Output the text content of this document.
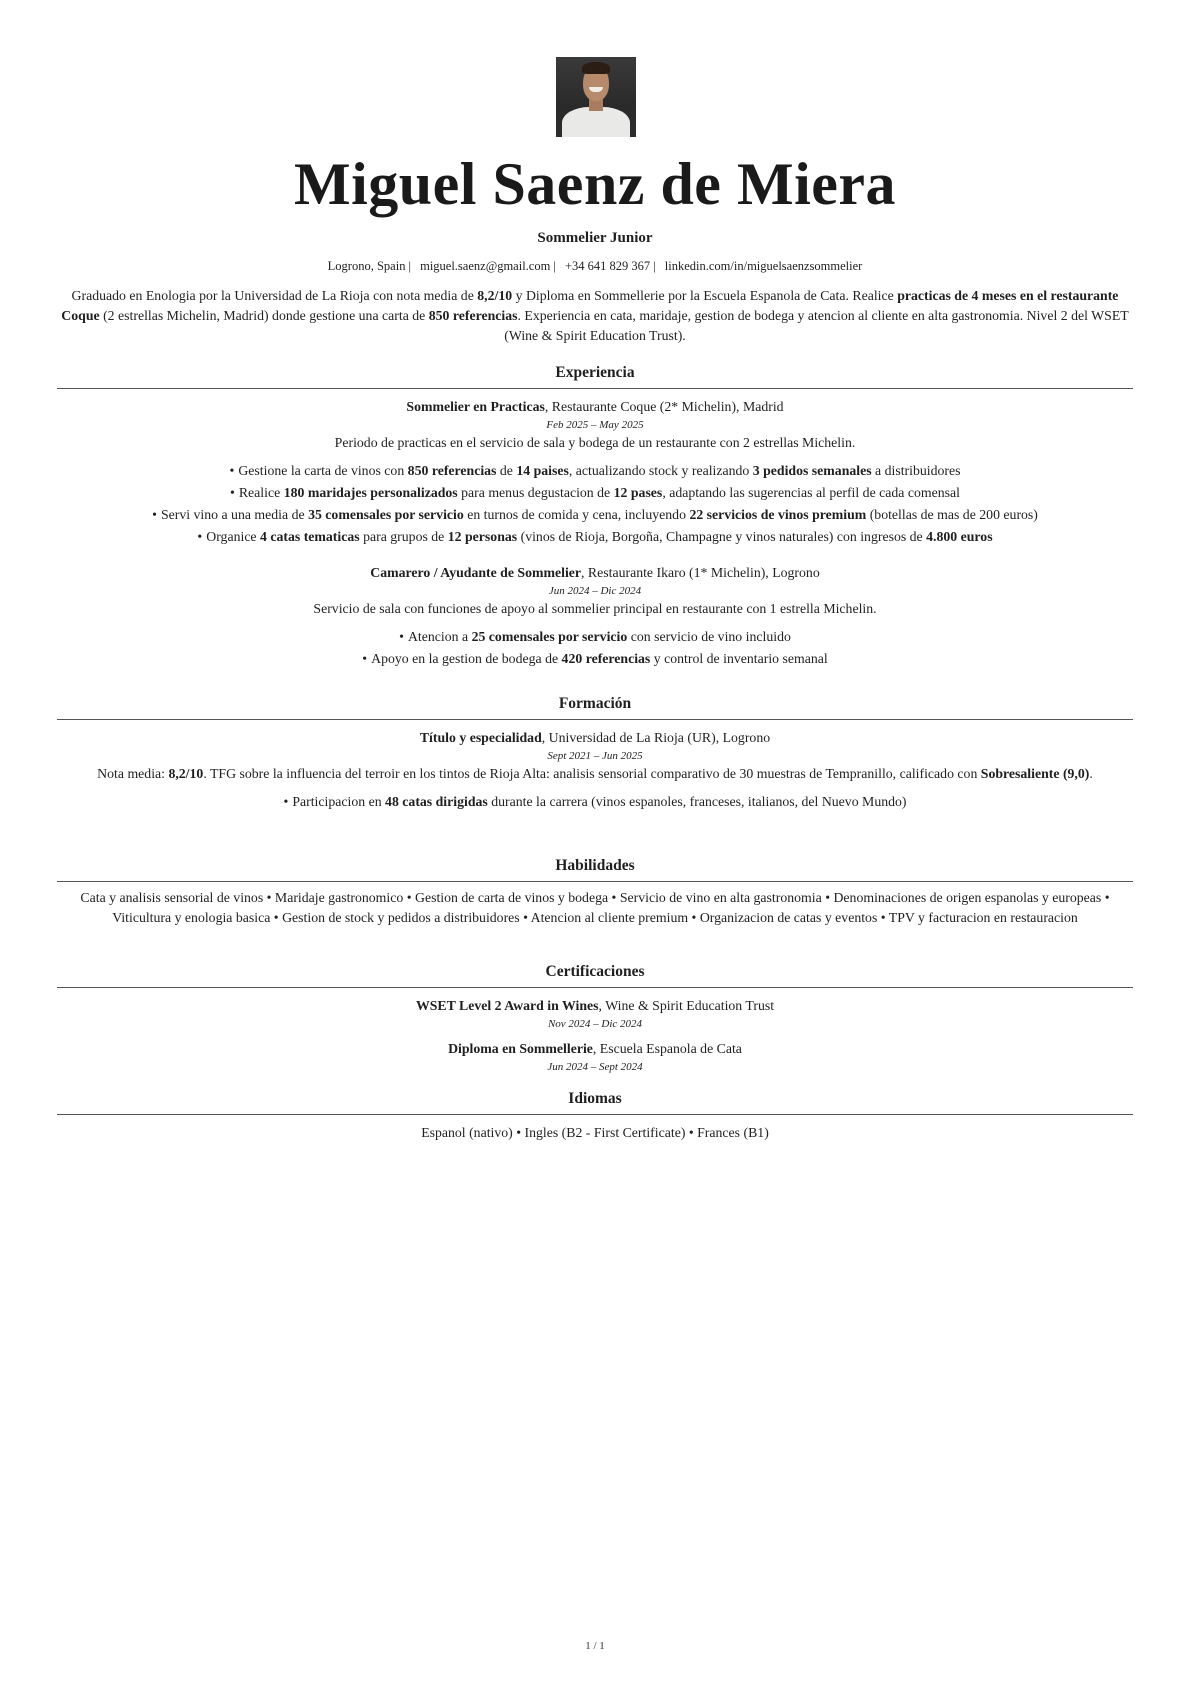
Miguel Saenz de Miera
Sommelier Junior
Logrono, Spain | miguel.saenz@gmail.com | +34 641 829 367 | linkedin.com/in/miguelsaenzsommelier
Graduado en Enologia por la Universidad de La Rioja con nota media de 8,2/10 y Diploma en Sommellerie por la Escuela Espanola de Cata. Realice practicas de 4 meses en el restaurante Coque (2 estrellas Michelin, Madrid) donde gestione una carta de 850 referencias. Experiencia en cata, maridaje, gestion de bodega y atencion al cliente en alta gastronomia. Nivel 2 del WSET (Wine & Spirit Education Trust).
Experiencia
Sommelier en Practicas, Restaurante Coque (2* Michelin), Madrid
Feb 2025 – May 2025
Periodo de practicas en el servicio de sala y bodega de un restaurante con 2 estrellas Michelin.
• Gestione la carta de vinos con 850 referencias de 14 paises, actualizando stock y realizando 3 pedidos semanales a distribuidores
• Realice 180 maridajes personalizados para menus degustacion de 12 pases, adaptando las sugerencias al perfil de cada comensal
• Servi vino a una media de 35 comensales por servicio en turnos de comida y cena, incluyendo 22 servicios de vinos premium (botellas de mas de 200 euros)
• Organice 4 catas tematicas para grupos de 12 personas (vinos de Rioja, Borgoña, Champagne y vinos naturales) con ingresos de 4.800 euros
Camarero / Ayudante de Sommelier, Restaurante Ikaro (1* Michelin), Logrono
Jun 2024 – Dic 2024
Servicio de sala con funciones de apoyo al sommelier principal en restaurante con 1 estrella Michelin.
• Atencion a 25 comensales por servicio con servicio de vino incluido
• Apoyo en la gestion de bodega de 420 referencias y control de inventario semanal
Formación
Título y especialidad, Universidad de La Rioja (UR), Logrono
Sept 2021 – Jun 2025
Nota media: 8,2/10. TFG sobre la influencia del terroir en los tintos de Rioja Alta: analisis sensorial comparativo de 30 muestras de Tempranillo, calificado con Sobresaliente (9,0).
• Participacion en 48 catas dirigidas durante la carrera (vinos espanoles, franceses, italianos, del Nuevo Mundo)
Habilidades
Cata y analisis sensorial de vinos • Maridaje gastronomico • Gestion de carta de vinos y bodega • Servicio de vino en alta gastronomia • Denominaciones de origen espanolas y europeas • Viticultura y enologia basica • Gestion de stock y pedidos a distribuidores • Atencion al cliente premium • Organizacion de catas y eventos • TPV y facturacion en restauracion
Certificaciones
WSET Level 2 Award in Wines, Wine & Spirit Education Trust
Nov 2024 – Dic 2024
Diploma en Sommellerie, Escuela Espanola de Cata
Jun 2024 – Sept 2024
Idiomas
Espanol (nativo) • Ingles (B2 - First Certificate) • Frances (B1)
1 / 1
